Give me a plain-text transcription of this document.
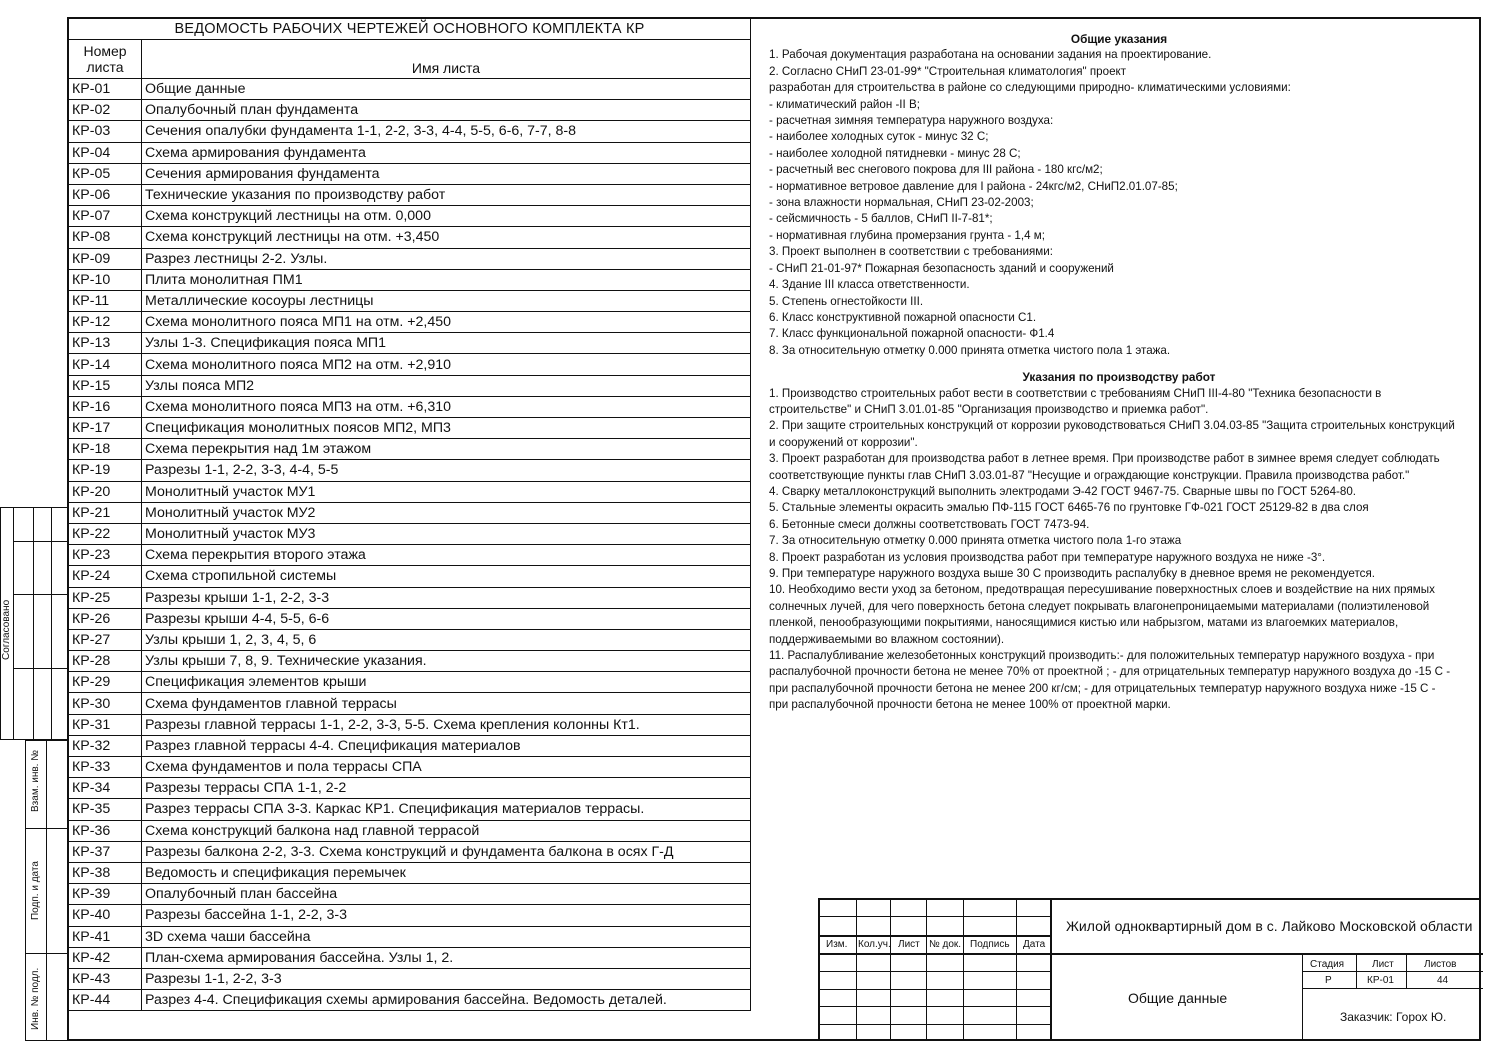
Согласовано
Взам. инв. №
Подп. и дата
Инв. № подл.
ВЕДОМОСТЬ РАБОЧИХ ЧЕРТЕЖЕЙ ОСНОВНОГО КОМПЛЕКТА КР	
Номер листа	Имя листа
КР-01	Общие данные
КР-02	Опалубочный план фундамента
КР-03	Сечения опалубки фундамента 1-1, 2-2, 3-3, 4-4, 5-5, 6-6, 7-7, 8-8
КР-04	Схема армирования фундамента
КР-05	Сечения армирования фундамента
КР-06	Технические указания по производству работ
КР-07	Схема конструкций лестницы на отм. 0,000
КР-08	Схема конструкций лестницы на отм. +3,450
КР-09	Разрез лестницы 2-2. Узлы.
КР-10	Плита монолитная ПМ1
КР-11	Металлические косоуры лестницы
КР-12	Схема монолитного пояса МП1 на отм. +2,450
КР-13	Узлы 1-3. Спецификация пояса МП1
КР-14	Схема монолитного пояса МП2 на отм. +2,910
КР-15	Узлы пояса МП2
КР-16	Схема монолитного пояса МП3 на отм. +6,310
КР-17	Спецификация монолитных поясов МП2, МП3
КР-18	Схема перекрытия над 1м этажом
КР-19	Разрезы 1-1, 2-2, 3-3, 4-4, 5-5
КР-20	Монолитный участок МУ1
КР-21	Монолитный участок МУ2
КР-22	Монолитный участок МУ3
КР-23	Схема перекрытия второго этажа
КР-24	Схема стропильной системы
КР-25	Разрезы крыши 1-1, 2-2, 3-3
КР-26	Разрезы крыши 4-4, 5-5, 6-6
КР-27	Узлы крыши 1, 2, 3, 4, 5, 6
КР-28	Узлы крыши 7, 8, 9. Технические указания.
КР-29	Спецификация элементов крыши
КР-30	Схема фундаментов главной террасы
КР-31	Разрезы главной террасы 1-1, 2-2, 3-3, 5-5. Схема крепления колонны Кт1.
КР-32	Разрез главной террасы 4-4. Спецификация материалов
КР-33	Схема фундаментов и пола террасы СПА
КР-34	Разрезы террасы СПА 1-1, 2-2
КР-35	Разрез террасы СПА 3-3. Каркас КР1. Спецификация материалов террасы.
КР-36	Схема конструкций балкона над главной террасой
КР-37	Разрезы балкона 2-2, 3-3. Схема конструкций и фундамента балкона в осях Г-Д
КР-38	Ведомость и спецификация перемычек
КР-39	Опалубочный план бассейна
КР-40	Разрезы бассейна 1-1, 2-2, 3-3
КР-41	3D схема чаши бассейна
КР-42	План-схема армирования бассейна. Узлы 1, 2.
КР-43	Разрезы 1-1, 2-2, 3-3
КР-44	Разрез 4-4. Спецификация схемы армирования бассейна. Ведомость деталей.

Общие указания

1. Рабочая документация разработана на основании задания на проектирование.

2. Согласно СНиП 23-01-99* "Строительная климатология" проект

разработан для строительства в районе со следующими природно- климатическими условиями:

- климатический район -II B;

- расчетная зимняя температура наружного воздуха:

- наиболее холодных суток - минус 32 С;

- наиболее холодной пятидневки - минус 28 С;

- расчетный вес снегового покрова для III района - 180 кгс/м2;

- нормативное ветровое давление для I района - 24кгс/м2, СНиП2.01.07-85;

- зона влажности нормальная, СНиП 23-02-2003;

- сейсмичность - 5 баллов, СНиП II-7-81*;

- нормативная глубина промерзания грунта - 1,4 м;

3. Проект выполнен в соответствии с требованиями:

- СНиП 21-01-97* Пожарная безопасность зданий и сооружений

4. Здание III класса ответственности.

5. Степень огнестойкости III.

6. Класс конструктивной пожарной опасности С1.

7. Класс функциональной пожарной опасности- Ф1.4

8. За относительную отметку 0.000 принята отметка чистого пола 1 этажа.

Указания по производству работ

1. Производство строительных работ вести в соответствии с требованиям СНиП III-4-80 "Техника безопасности в

строительстве" и СНиП 3.01.01-85 "Организация производство и приемка работ".

2. При защите строительных конструкций от коррозии руководствоваться СНиП 3.04.03-85 "Защита строительных конструкций

и сооружений от коррозии".

3. Проект разработан для производства работ в летнее время. При производстве работ в зимнее время следует соблюдать

соответствующие пункты глав СНиП 3.03.01-87 "Несущие и ограждающие конструкции. Правила производства работ."

4. Сварку металлоконструкций выполнить электродами Э-42 ГОСТ 9467-75. Сварные швы по ГОСТ 5264-80.

5. Стальные элементы окрасить эмалью ПФ-115 ГОСТ 6465-76 по грунтовке ГФ-021 ГОСТ 25129-82 в два слоя

6. Бетонные смеси должны соответствовать ГОСТ 7473-94.

7. За относительную отметку 0.000 принята отметка чистого пола 1-го этажа

8. Проект разработан из условия производства работ при температуре наружного воздуха не ниже -3°.

9. При температуре наружного воздуха выше 30 С производить распалубку в дневное время не рекомендуется.

10. Необходимо вести уход за бетоном, предотвращая пересушивание поверхностных слоев и воздействие на них прямых

солнечных лучей, для чего поверхность бетона следует покрывать влагонепроницаемыми материалами (полиэтиленовой

пленкой, пенообразующими покрытиями, наносящимися кистью или набрызгом, матами из влагоемких материалов,

поддерживаемыми во влажном состоянии).

11. Распалубливание железобетонных конструкций производить:- для положительных температур наружного воздуха - при

распалубочной прочности бетона не менее 70% от проектной ; - для отрицательных температур наружного воздуха до -15 С -

при распалубочной прочности бетона не менее 200 кг/см; - для отрицательных температур наружного воздуха ниже -15 С -

при распалубочной прочности бетона не менее 100% от проектной марки.

Изм. Кол.уч. Лист № док. Подпись Дата
Жилой одноквартирный дом в с. Лайково Московской области
Общие данные
Стадия	Лист	Листов
Р	КР-01	44
Заказчик: Горох Ю.
